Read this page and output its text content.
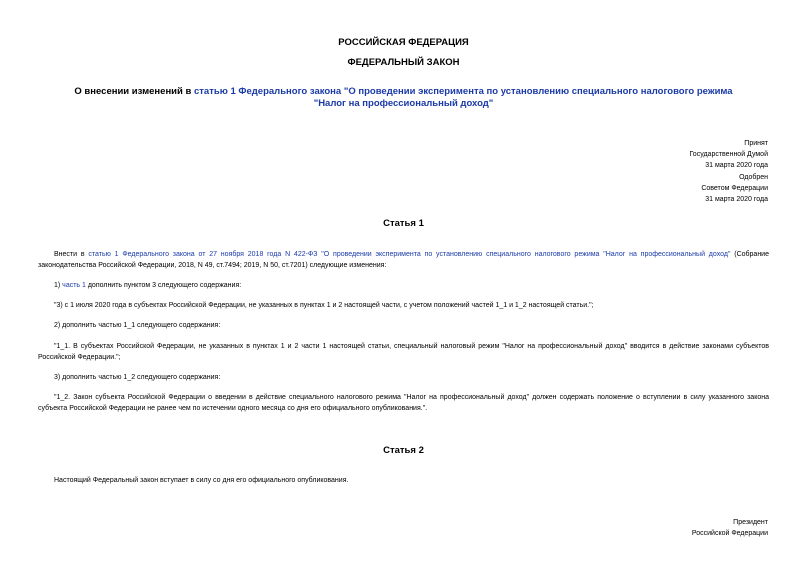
РОССИЙСКАЯ ФЕДЕРАЦИЯ
ФЕДЕРАЛЬНЫЙ ЗАКОН
О внесении изменений в статью 1 Федерального закона "О проведении эксперимента по установлению специального налогового режима "Налог на профессиональный доход"
Принят
Государственной Думой
31 марта 2020 года
Одобрен
Советом Федерации
31 марта 2020 года
Статья 1
Внести в статью 1 Федерального закона от 27 ноября 2018 года N 422-ФЗ "О проведении эксперимента по установлению специального налогового режима "Налог на профессиональный доход" (Собрание законодательства Российской Федерации, 2018, N 49, ст.7494; 2019, N 50, ст.7201) следующие изменения:
1) часть 1 дополнить пунктом 3 следующего содержания:
"3) с 1 июля 2020 года в субъектах Российской Федерации, не указанных в пунктах 1 и 2 настоящей части, с учетом положений частей 1_1 и 1_2 настоящей статьи.";
2) дополнить частью 1_1 следующего содержания:
"1_1. В субъектах Российской Федерации, не указанных в пунктах 1 и 2 части 1 настоящей статьи, специальный налоговый режим "Налог на профессиональный доход" вводится в действие законами субъектов Российской Федерации.";
3) дополнить частью 1_2 следующего содержания:
"1_2. Закон субъекта Российской Федерации о введении в действие специального налогового режима "Налог на профессиональный доход" должен содержать положение о вступлении в силу указанного закона субъекта Российской Федерации не ранее чем по истечении одного месяца со дня его официального опубликования.".
Статья 2
Настоящий Федеральный закон вступает в силу со дня его официального опубликования.
Президент
Российской Федерации
